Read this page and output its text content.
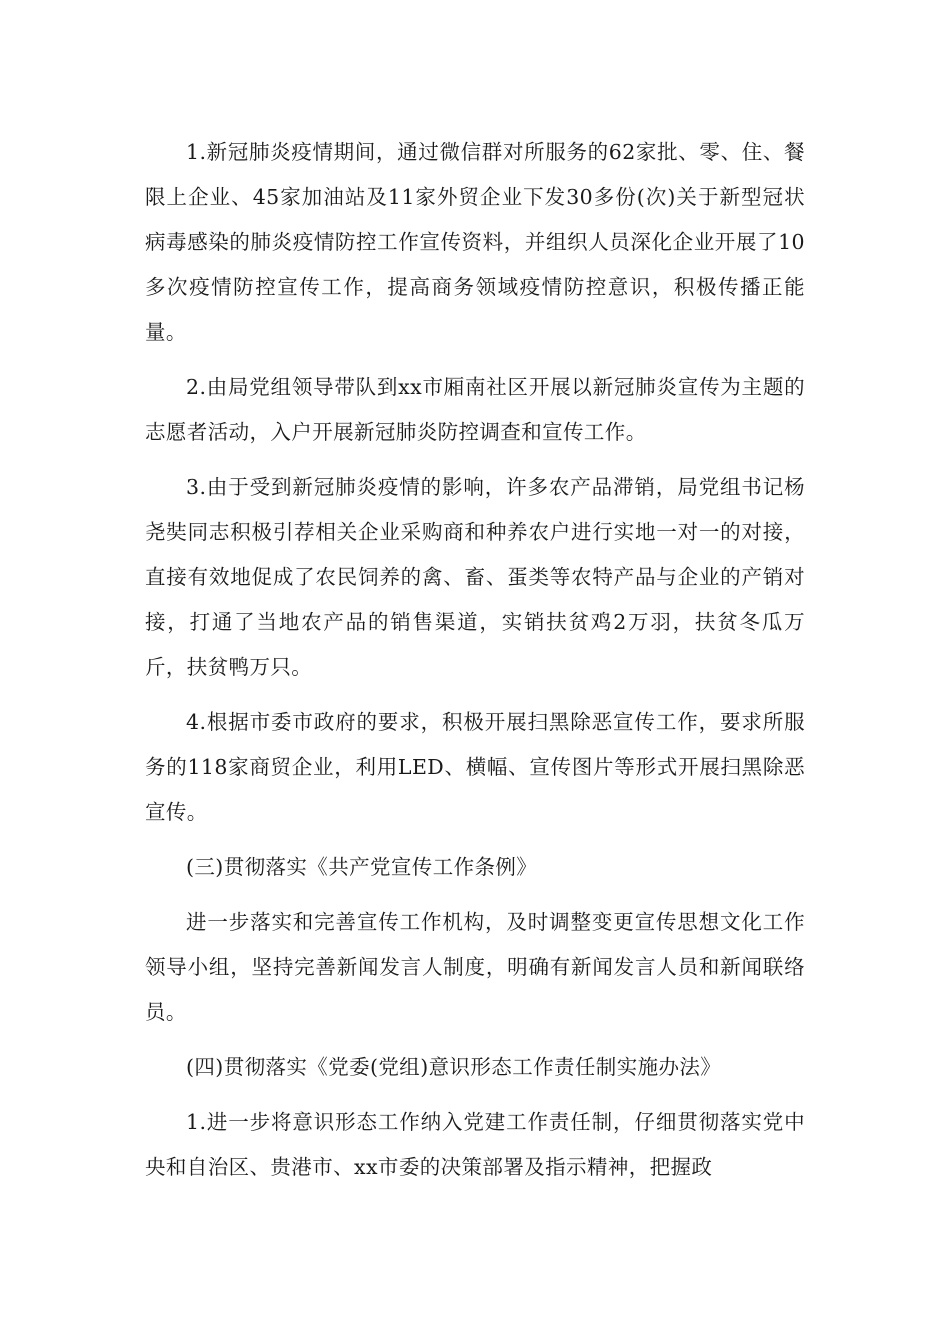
1.新冠肺炎疫情期间，通过微信群对所服务的62家批、零、住、餐限上企业、45家加油站及11家外贸企业下发30多份(次)关于新型冠状病毒感染的肺炎疫情防控工作宣传资料，并组织人员深化企业开展了10多次疫情防控宣传工作，提高商务领域疫情防控意识，积极传播正能量。

2.由局党组领导带队到xx市厢南社区开展以新冠肺炎宣传为主题的志愿者活动，入户开展新冠肺炎防控调查和宣传工作。

3.由于受到新冠肺炎疫情的影响，许多农产品滞销，局党组书记杨尧奘同志积极引荐相关企业采购商和种养农户进行实地一对一的对接，直接有效地促成了农民饲养的禽、畜、蛋类等农特产品与企业的产销对接，打通了当地农产品的销售渠道，实销扶贫鸡2万羽，扶贫冬瓜万斤，扶贫鸭万只。

4.根据市委市政府的要求，积极开展扫黑除恶宣传工作，要求所服务的118家商贸企业，利用LED、横幅、宣传图片等形式开展扫黑除恶宣传。

(三)贯彻落实《共产党宣传工作条例》

进一步落实和完善宣传工作机构，及时调整变更宣传思想文化工作领导小组，坚持完善新闻发言人制度，明确有新闻发言人员和新闻联络员。

(四)贯彻落实《党委(党组)意识形态工作责任制实施办法》

1.进一步将意识形态工作纳入党建工作责任制，仔细贯彻落实党中央和自治区、贵港市、xx市委的决策部署及指示精神，把握政
